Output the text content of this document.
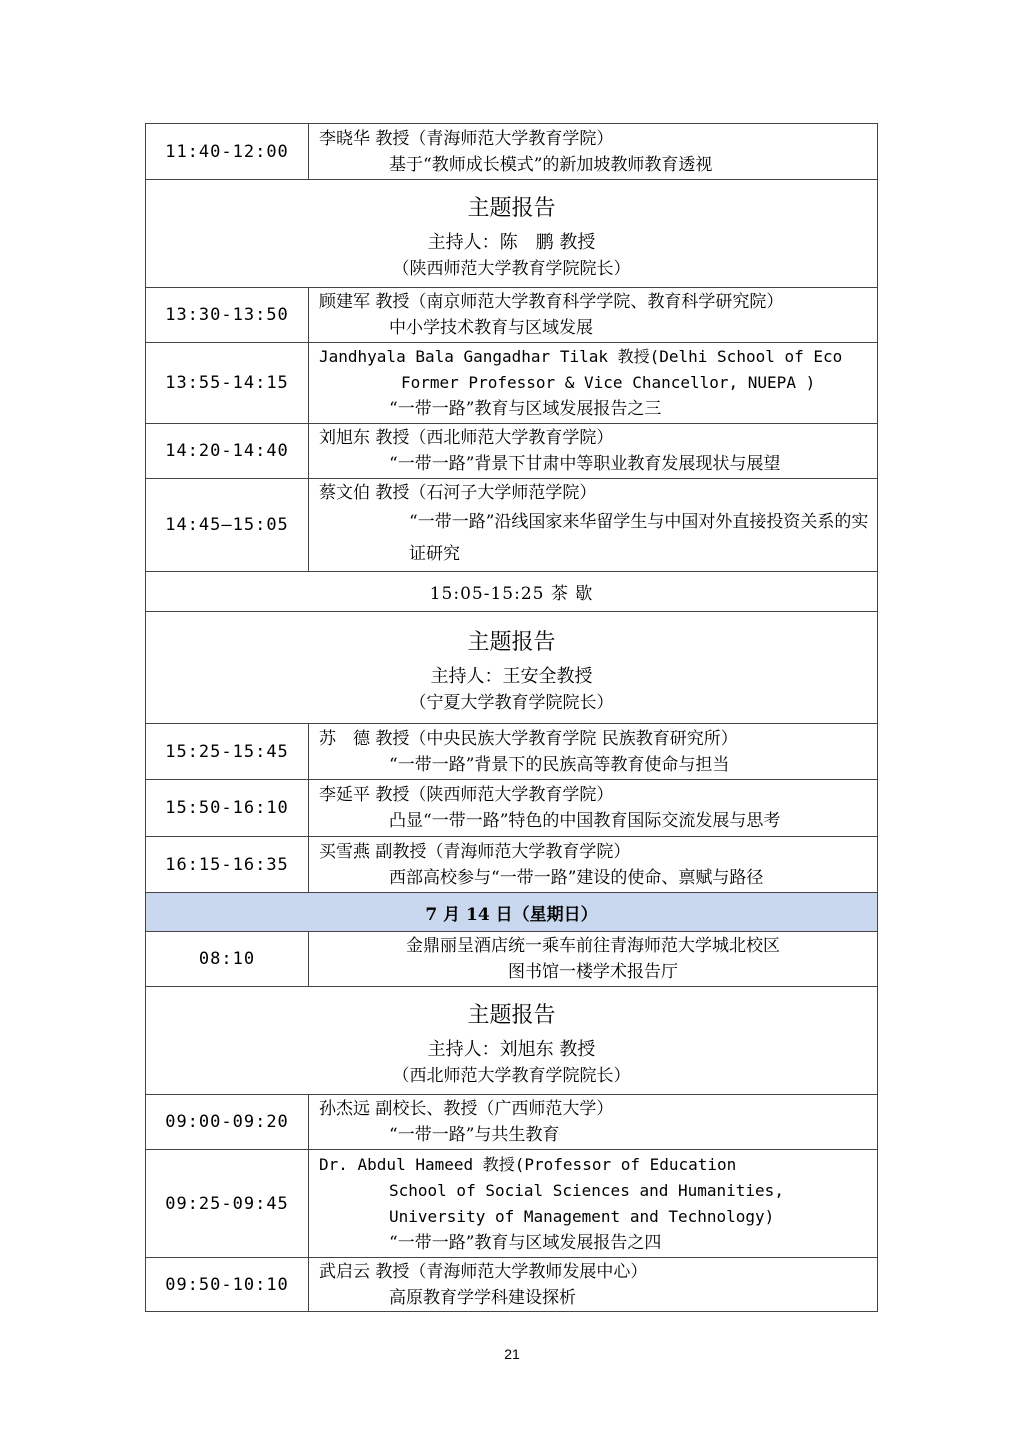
11:40-12:00	李晓华 教授（青海师范大学教育学院）
基于“教师成长模式”的新加坡教师教育透视

主题报告
主持人：陈　鹏 教授
（陕西师范大学教育学院院长）	

13:30-13:50	顾建军 教授（南京师范大学教育科学学院、教育科学研究院）
中小学技术教育与区域发展

13:55-14:15	Jandhyala Bala Gangadhar Tilak 教授(Delhi School of Eco
Former Professor & Vice Chancellor, NUEPA )
“一带一路”教育与区域发展报告之三

14:20-14:40	刘旭东 教授（西北师范大学教育学院）
“一带一路”背景下甘肃中等职业教育发展现状与展望

14:45—15:05	蔡文伯 教授（石河子大学师范学院）
“一带一路”沿线国家来华留学生与中国对外直接投资关系的实证研究

15:05-15:25 茶 歇	

主题报告
主持人：王安全教授
（宁夏大学教育学院院长）	

15:25-15:45	苏　德 教授（中央民族大学教育学院 民族教育研究所）
“一带一路”背景下的民族高等教育使命与担当

15:50-16:10	李延平 教授（陕西师范大学教育学院）
凸显“一带一路”特色的中国教育国际交流发展与思考

16:15-16:35	买雪燕 副教授（青海师范大学教育学院）
西部高校参与“一带一路”建设的使命、禀赋与路径

7 月 14 日（星期日）	
08:10	金鼎丽呈酒店统一乘车前往青海师范大学城北校区
图书馆一楼学术报告厅

主题报告
主持人：刘旭东 教授
（西北师范大学教育学院院长）	

09:00-09:20	孙杰远 副校长、教授（广西师范大学）
“一带一路”与共生教育

09:25-09:45	Dr. Abdul Hameed 教授(Professor of Education
School of Social Sciences and Humanities,
University of Management and Technology)
“一带一路”教育与区域发展报告之四

09:50-10:10	武启云 教授（青海师范大学教师发展中心）
高原教育学学科建设探析
21
